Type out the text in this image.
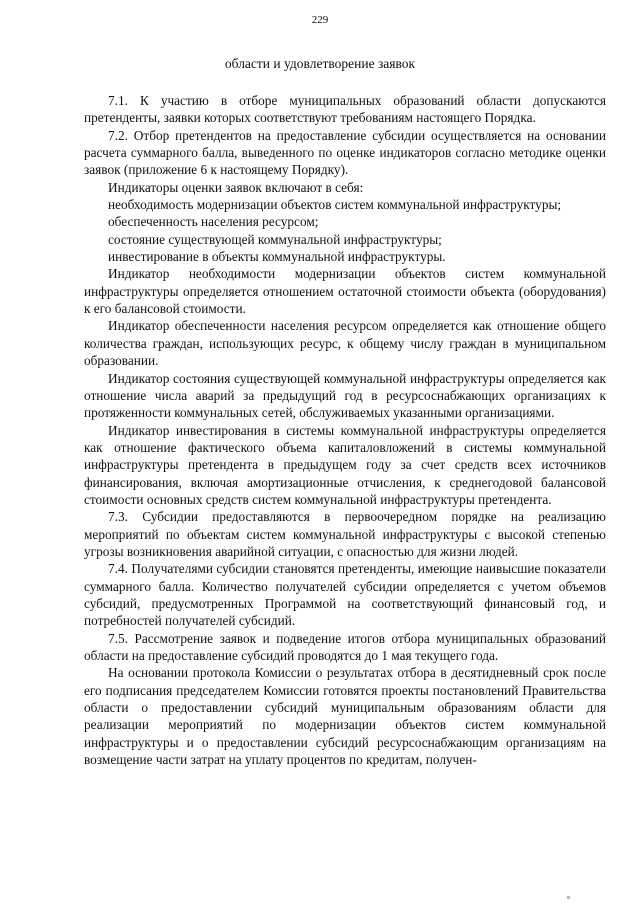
229
области и удовлетворение заявок

7.1. К участию в отборе муниципальных образований области допускаются претенденты, заявки которых соответствуют требованиям настоящего Порядка.

7.2. Отбор претендентов на предоставление субсидии осуществляется на основании расчета суммарного балла, выведенного по оценке индикаторов согласно методике оценки заявок (приложение 6 к настоящему Порядку).

Индикаторы оценки заявок включают в себя:

необходимость модернизации объектов систем коммунальной инфраструктуры;

обеспеченность населения ресурсом;

состояние существующей коммунальной инфраструктуры;

инвестирование в объекты коммунальной инфраструктуры.

Индикатор необходимости модернизации объектов систем коммунальной инфраструктуры определяется отношением остаточной стоимости объекта (оборудования) к его балансовой стоимости.

Индикатор обеспеченности населения ресурсом определяется как отношение общего количества граждан, использующих ресурс, к общему числу граждан в муниципальном образовании.

Индикатор состояния существующей коммунальной инфраструктуры определяется как отношение числа аварий за предыдущий год в ресурсоснабжающих организациях к протяженности коммунальных сетей, обслуживаемых указанными организациями.

Индикатор инвестирования в системы коммунальной инфраструктуры определяется как отношение фактического объема капиталовложений в системы коммунальной инфраструктуры претендента в предыдущем году за счет средств всех источников финансирования, включая амортизационные отчисления, к среднегодовой балансовой стоимости основных средств систем коммунальной инфраструктуры претендента.

7.3. Субсидии предоставляются в первоочередном порядке на реализацию мероприятий по объектам систем коммунальной инфраструктуры с высокой степенью угрозы возникновения аварийной ситуации, с опасностью для жизни людей.

7.4. Получателями субсидии становятся претенденты, имеющие наивысшие показатели суммарного балла. Количество получателей субсидии определяется с учетом объемов субсидий, предусмотренных Программой на соответствующий финансовый год, и потребностей получателей субсидий.

7.5. Рассмотрение заявок и подведение итогов отбора муниципальных образований области на предоставление субсидий проводятся до 1 мая текущего года.

На основании протокола Комиссии о результатах отбора в десятидневный срок после его подписания председателем Комиссии готовятся проекты постановлений Правительства области о предоставлении субсидий муниципальным образованиям области для реализации мероприятий по модернизации объектов систем коммунальной инфраструктуры и о предоставлении субсидий ресурсоснабжающим организациям на возмещение части затрат на уплату процентов по кредитам, получен-
